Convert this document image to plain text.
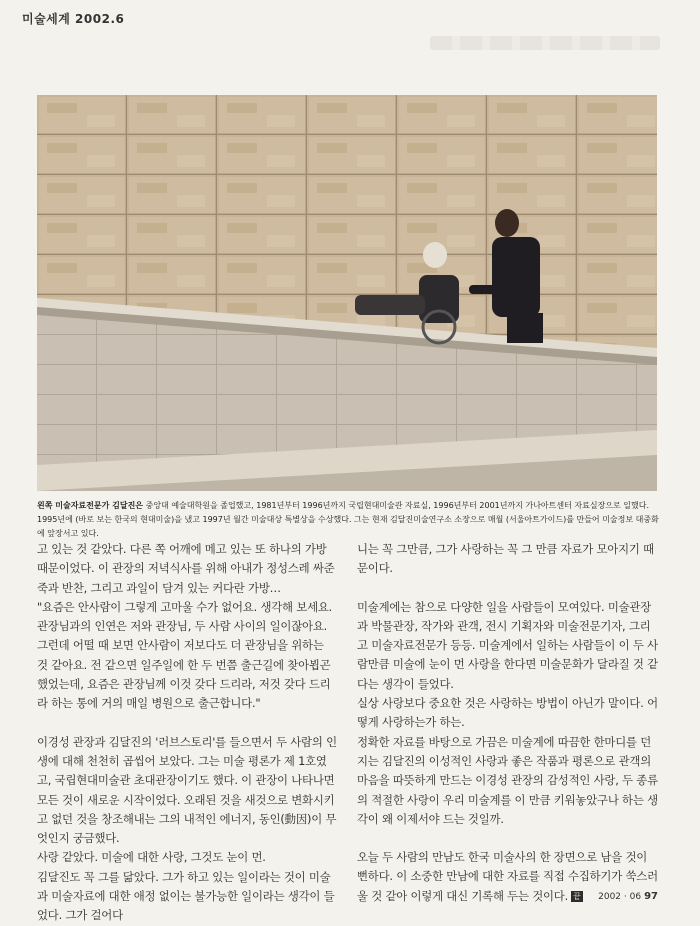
미술세계 2002.6
왼쪽 미술자료전문가 김달진은 중앙대 예술대학원을 졸업했고, 1981년부터 1996년까지 국립현대미술관 자료실, 1996년부터 2001년까지 가나아트센터 자료실장으로 일했다. 1995년에 (바로 보는 한국의 현대미술)을 냈고 1997년 월간 미술대상 특별상을 수상했다. 그는 현재 김달진미술연구소 소장으로 매월 (서울아트가이드)를 만들어 미술정보 대중화에 앞장서고 있다.

고 있는 것 같았다. 다른 쪽 어깨에 메고 있는 또 하나의 가방 때문이었다. 이 관장의 저녁식사를 위해 아내가 정성스레 싸준 죽과 반찬, 그리고 과일이 담겨 있는 커다란 가방…

"요즘은 안사람이 그렇게 고마울 수가 없어요. 생각해 보세요. 관장님과의 인연은 저와 관장님, 두 사람 사이의 일이잖아요. 그런데 어떨 때 보면 안사람이 저보다도 더 관장님을 위하는 것 같아요. 전 같으면 일주일에 한 두 번쯤 출근길에 찾아뵙곤 했었는데, 요즘은 관장님께 이것 갖다 드리라, 저것 갖다 드리라 하는 통에 거의 매일 병원으로 출근합니다."

이경성 관장과 김달진의 '러브스토리'를 들으면서 두 사람의 인생에 대해 천천히 곱씹어 보았다. 그는 미술 평론가 제 1호였고, 국립현대미술관 초대관장이기도 했다. 이 관장이 나타나면 모든 것이 새로운 시작이었다. 오래된 것을 새것으로 변화시키고 없던 것을 창조해내는 그의 내적인 에너지, 동인(動因)이 무엇인지 궁금했다.

사랑 같았다. 미술에 대한 사랑, 그것도 눈이 먼.

김달진도 꼭 그를 닮았다. 그가 하고 있는 일이라는 것이 미술과 미술자료에 대한 애정 없이는 불가능한 일이라는 생각이 들었다. 그가 걸어다

니는 꼭 그만큼, 그가 사랑하는 꼭 그 만큼 자료가 모아지기 때문이다.

미술계에는 참으로 다양한 일을 사람들이 모여있다. 미술관장과 박물관장, 작가와 관객, 전시 기획자와 미술전문기자, 그리고 미술자료전문가 등등. 미술계에서 일하는 사람들이 이 두 사람만큼 미술에 눈이 먼 사랑을 한다면 미술문화가 달라질 것 같다는 생각이 들었다.

실상 사랑보다 중요한 것은 사랑하는 방법이 아닌가 말이다. 어떻게 사랑하는가 하는.

정확한 자료를 바탕으로 가끔은 미술계에 따끔한 한마디를 던지는 김달진의 이성적인 사랑과 좋은 작품과 평론으로 관객의 마음을 따뜻하게 만드는 이경성 관장의 감성적인 사랑, 두 종류의 적절한 사랑이 우리 미술계를 이 만큼 키워놓았구나 하는 생각이 왜 이제서야 드는 것일까.

오늘 두 사람의 만남도 한국 미술사의 한 장면으로 남을 것이 뻔하다. 이 소중한 만남에 대한 자료를 직접 수집하기가 쑥스러울 것 같아 이렇게 대신 기록해 두는 것이다. 끝	2002 · 06 97
